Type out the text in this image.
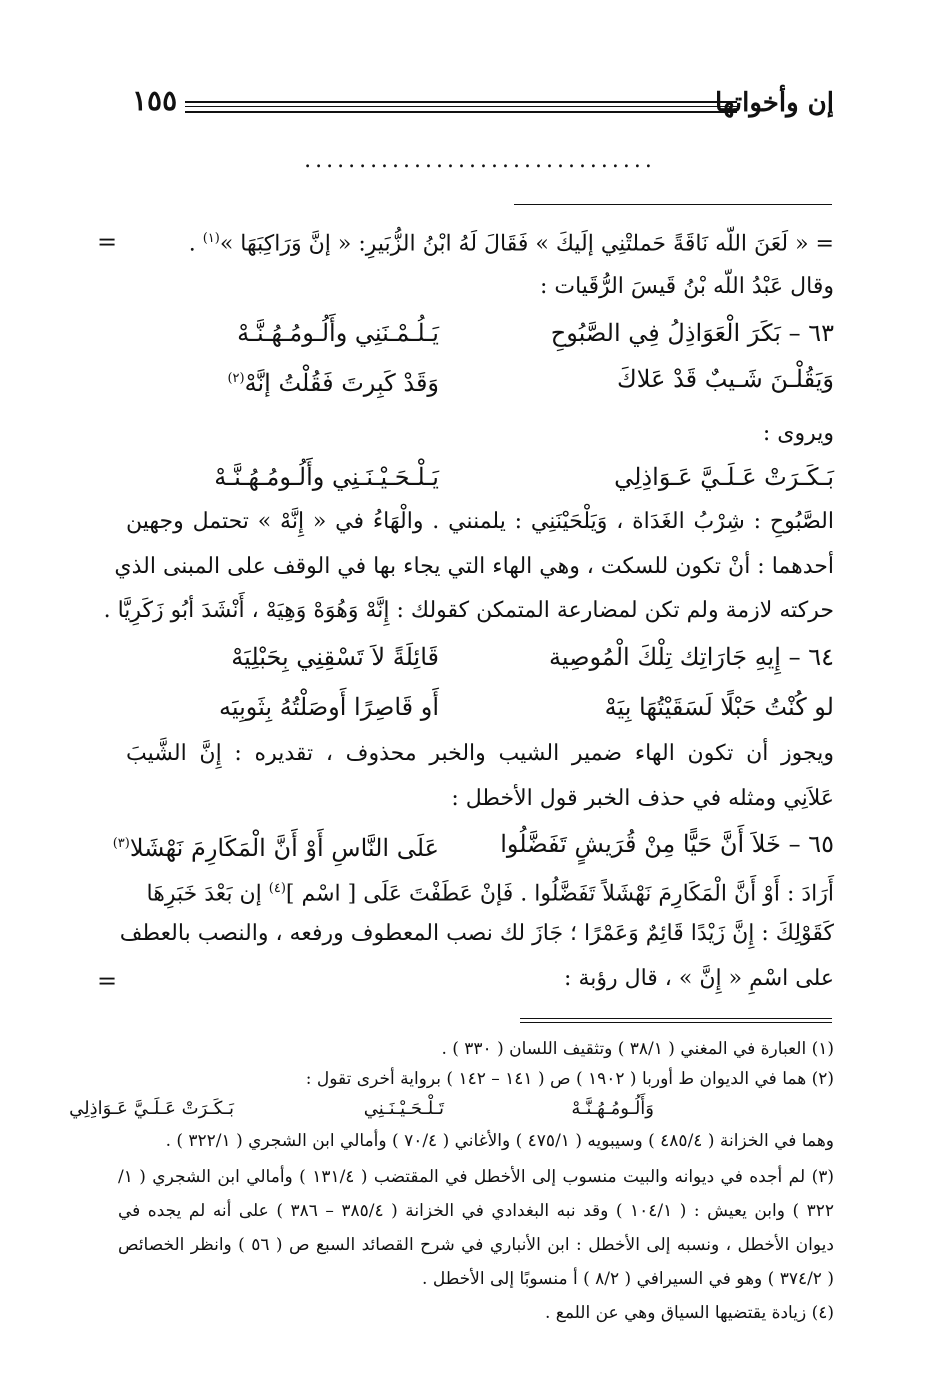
إن وأخواتها
١٥٥
................................
= « لَعَنَ اللّه نَاقَةً حَملتْنِي إلَيكَ » فَقَالَ لَهُ ابْنُ الزُّبَيرِ: « إنَّ وَرَاكِبَهَا »$^{(١)}$ .
وقال عَبْدُ اللّه بْنُ قَيسَ الرُّقَيات :
٦٣ – بَكَرَ الْعَوَاذِلُ فِي الصَّبُوحِ
يَـلُـمْـنَنِي وأَلُـومُـهُـنَّـهْ
وَيَقُلْـنَ شَـيبٌ قَدْ عَلاكَ
وَقَدْ كَبِرتَ فَقُلْتُ إنَّهْ$^{(٢)}$
ويروى :
بَـكَـرَتْ عَـلَـيَّ عَـوَاذِلِي
يَـلْـحَـيْـنَـنِي وأَلُـومُـهُـنَّـهْ
الصَّبُوحِ : شِرْبُ الغَدَاة ، وَيَلْحَيْنَنِي : يلمنني . والْهَاءُ في « إِنَّهْ » تحتمل وجهين
أحدهما : أنْ تكون للسكت ، وهي الهاء التي يجاء بها في الوقف على المبنى الذي
حركته لازمة ولم تكن لمضارعة المتمكن كقولك : إِنَّهْ وَهُوَهْ وَهِيَهْ ، أَنْشَدَ أبُو زَكَرِيَّا .
٦٤ – إِيهِ جَارَاتِك تِلْكَ الْمُوصِية
قَائِلَةً لاَ تَسْقِنِي بِحَبْلِيَهْ
لو كُنْتُ حَبْلًا لَسَقَيْتُهَا بِيَهْ
أَو قَاصِرًا أَوصَلْتُهُ بِثَوبِيَه
ويجوز أن تكون الهاء ضمير الشيب والخبر محذوف ، تقديره : إِنَّ الشَّيبَ
عَلاَنِي ومثله في حذف الخبر قول الأخطل :
٦٥ – خَلاَ أَنَّ حَيًّا مِنْ قُرَيشٍ تَفَضَّلُوا
عَلَى النَّاسِ أَوْ أَنَّ الْمَكَارِمَ نَهْشَلا$^{(٣)}$
أَرَادَ : أَوْ أَنَّ الْمَكَارِمَ نَهْشَلاً تَفَضَّلُوا . فَإنْ عَطَفْتَ عَلَى [ اسْم ]$^{(٤)}$ إن بَعْدَ خَبَرِهَا
كَقَوْلِكَ : إِنَّ زَيْدًا قَائِمٌ وَعَمْرًا ؛ جَازَ لك نصب المعطوف ورفعه ، والنصب بالعطف
على اسْمِ « إِنَّ » ، قال رؤبة :
=
=
(١) العبارة في المغني ( ٣٨/١ ) وتثقيف اللسان ( ٣٣٠ ) .
(٢) هما في الديوان ط أوربا ( ١٩٠٢ ) ص ( ١٤١ – ١٤٢ ) برواية أخرى تقول :
بَـكَـرَتْ عَـلَـيَّ عَـوَاذِلِي	تَـلْـحَـيْـنَـنِي	وَأَلُـومُـهُـنَّـهْ
وهما في الخزانة ( ٤٨٥/٤ ) وسيبويه ( ٤٧٥/١ ) والأغاني ( ٧٠/٤ ) وأمالي ابن الشجري ( ٣٢٢/١ ) .
(٣) لم أجده في ديوانه والبيت منسوب إلى الأخطل في المقتضب ( ١٣١/٤ ) وأمالي ابن الشجري ( ١/
٣٢٢ ) وابن يعيش : ( ١٠٤/١ ) وقد نبه البغدادي في الخزانة ( ٣٨٥/٤ – ٣٨٦ ) على أنه لم يجده في
ديوان الأخطل ، ونسبه إلى الأخطل : ابن الأنباري في شرح القصائد السبع ص ( ٥٦ ) وانظر الخصائص
( ٣٧٤/٢ ) وهو في السيرافي ( ٨/٢ ) أ منسوبًا إلى الأخطل .
(٤) زيادة يقتضيها السياق وهي عن اللمع .
